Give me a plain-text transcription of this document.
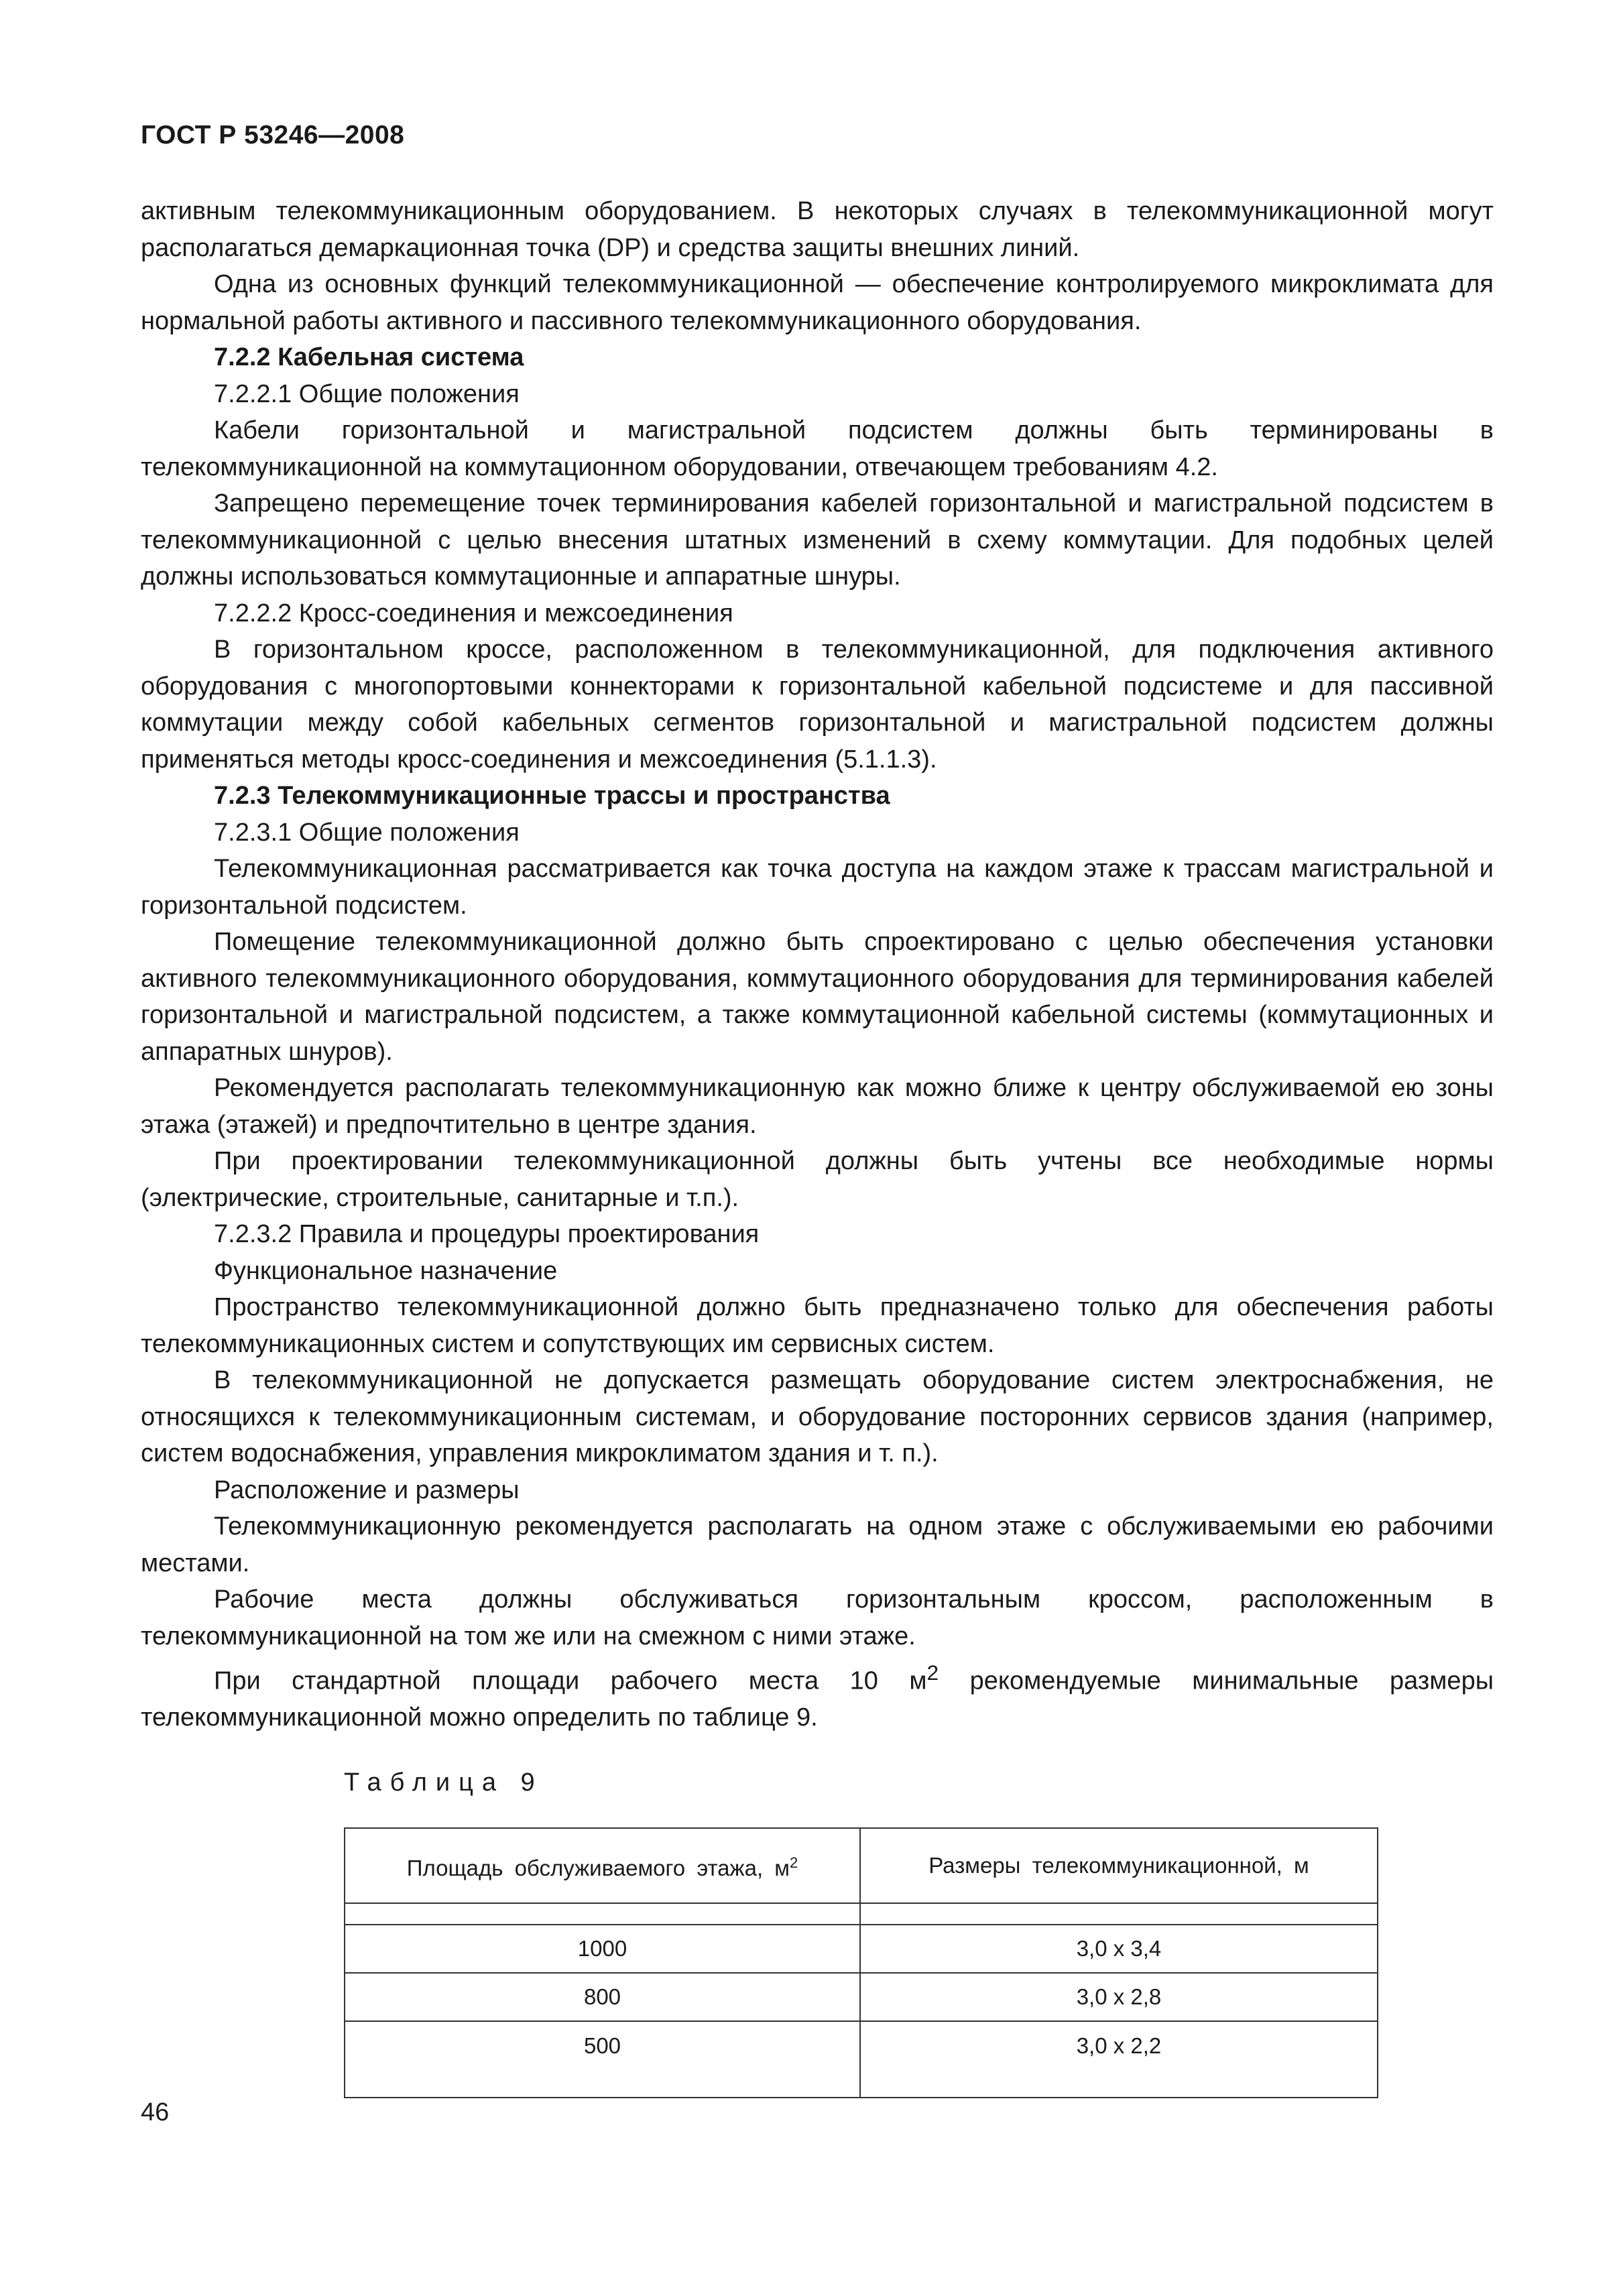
ГОСТ Р 53246—2008

активным телекоммуникационным оборудованием. В некоторых случаях в телекоммуникационной могут располагаться демаркационная точка (DP) и средства защиты внешних линий.

Одна из основных функций телекоммуникационной — обеспечение контролируемого микроклимата для нормальной работы активного и пассивного телекоммуникационного оборудования.

7.2.2 Кабельная система

7.2.2.1 Общие положения

Кабели горизонтальной и магистральной подсистем должны быть терминированы в телекоммуникационной на коммутационном оборудовании, отвечающем требованиям 4.2.

Запрещено перемещение точек терминирования кабелей горизонтальной и магистральной подсистем в телекоммуникационной с целью внесения штатных изменений в схему коммутации. Для подобных целей должны использоваться коммутационные и аппаратные шнуры.

7.2.2.2 Кросс-соединения и межсоединения

В горизонтальном кроссе, расположенном в телекоммуникационной, для подключения активного оборудования с многопортовыми коннекторами к горизонтальной кабельной подсистеме и для пассивной коммутации между собой кабельных сегментов горизонтальной и магистральной подсистем должны применяться методы кросс-соединения и межсоединения (5.1.1.3).

7.2.3 Телекоммуникационные трассы и пространства

7.2.3.1 Общие положения

Телекоммуникационная рассматривается как точка доступа на каждом этаже к трассам магистральной и горизонтальной подсистем.

Помещение телекоммуникационной должно быть спроектировано с целью обеспечения установки активного телекоммуникационного оборудования, коммутационного оборудования для терминирования кабелей горизонтальной и магистральной подсистем, а также коммутационной кабельной системы (коммутационных и аппаратных шнуров).

Рекомендуется располагать телекоммуникационную как можно ближе к центру обслуживаемой ею зоны этажа (этажей) и предпочтительно в центре здания.

При проектировании телекоммуникационной должны быть учтены все необходимые нормы (электрические, строительные, санитарные и т.п.).

7.2.3.2 Правила и процедуры проектирования

Функциональное назначение

Пространство телекоммуникационной должно быть предназначено только для обеспечения работы телекоммуникационных систем и сопутствующих им сервисных систем.

В телекоммуникационной не допускается размещать оборудование систем электроснабжения, не относящихся к телекоммуникационным системам, и оборудование посторонних сервисов здания (например, систем водоснабжения, управления микроклиматом здания и т. п.).

Расположение и размеры

Телекоммуникационную рекомендуется располагать на одном этаже с обслуживаемыми ею рабочими местами.

Рабочие места должны обслуживаться горизонтальным кроссом, расположенным в телекоммуникационной на том же или на смежном с ними этаже.

При стандартной площади рабочего места 10 $м^2$ рекомендуемые минимальные размеры телекоммуникационной можно определить по таблице 9.

Таблица 9
Площадь обслуживаемого этажа, $м^2$	Размеры телекоммуникационной, м

1000	3,0 х 3,4
800	3,0 х 2,8
500	3,0 х 2,2
46
